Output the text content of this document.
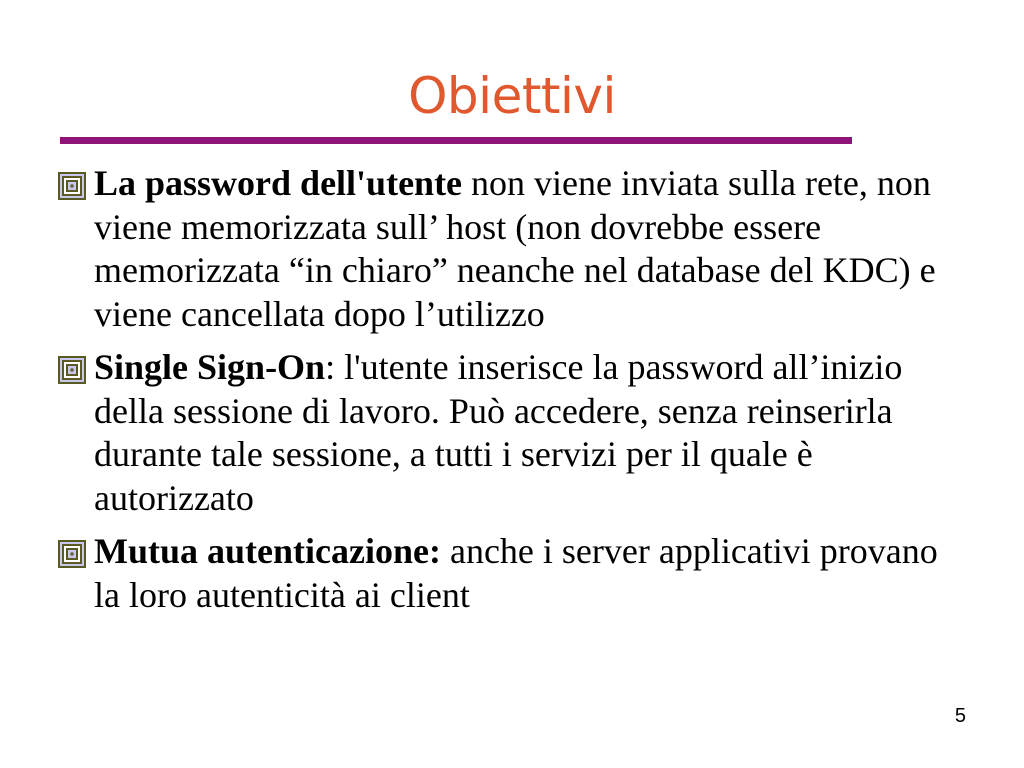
Obiettivi
La password dell'utente non viene inviata sulla rete, non viene memorizzata sull’ host (non dovrebbe essere memorizzata “in chiaro” neanche nel database del KDC) e viene cancellata dopo l’utilizzo
Single Sign-On: l'utente inserisce la password all’inizio della sessione di lavoro. Può accedere, senza reinserirla durante tale sessione, a tutti i servizi per il quale è autorizzato
Mutua autenticazione: anche i server applicativi provano la loro autenticità ai client
5
